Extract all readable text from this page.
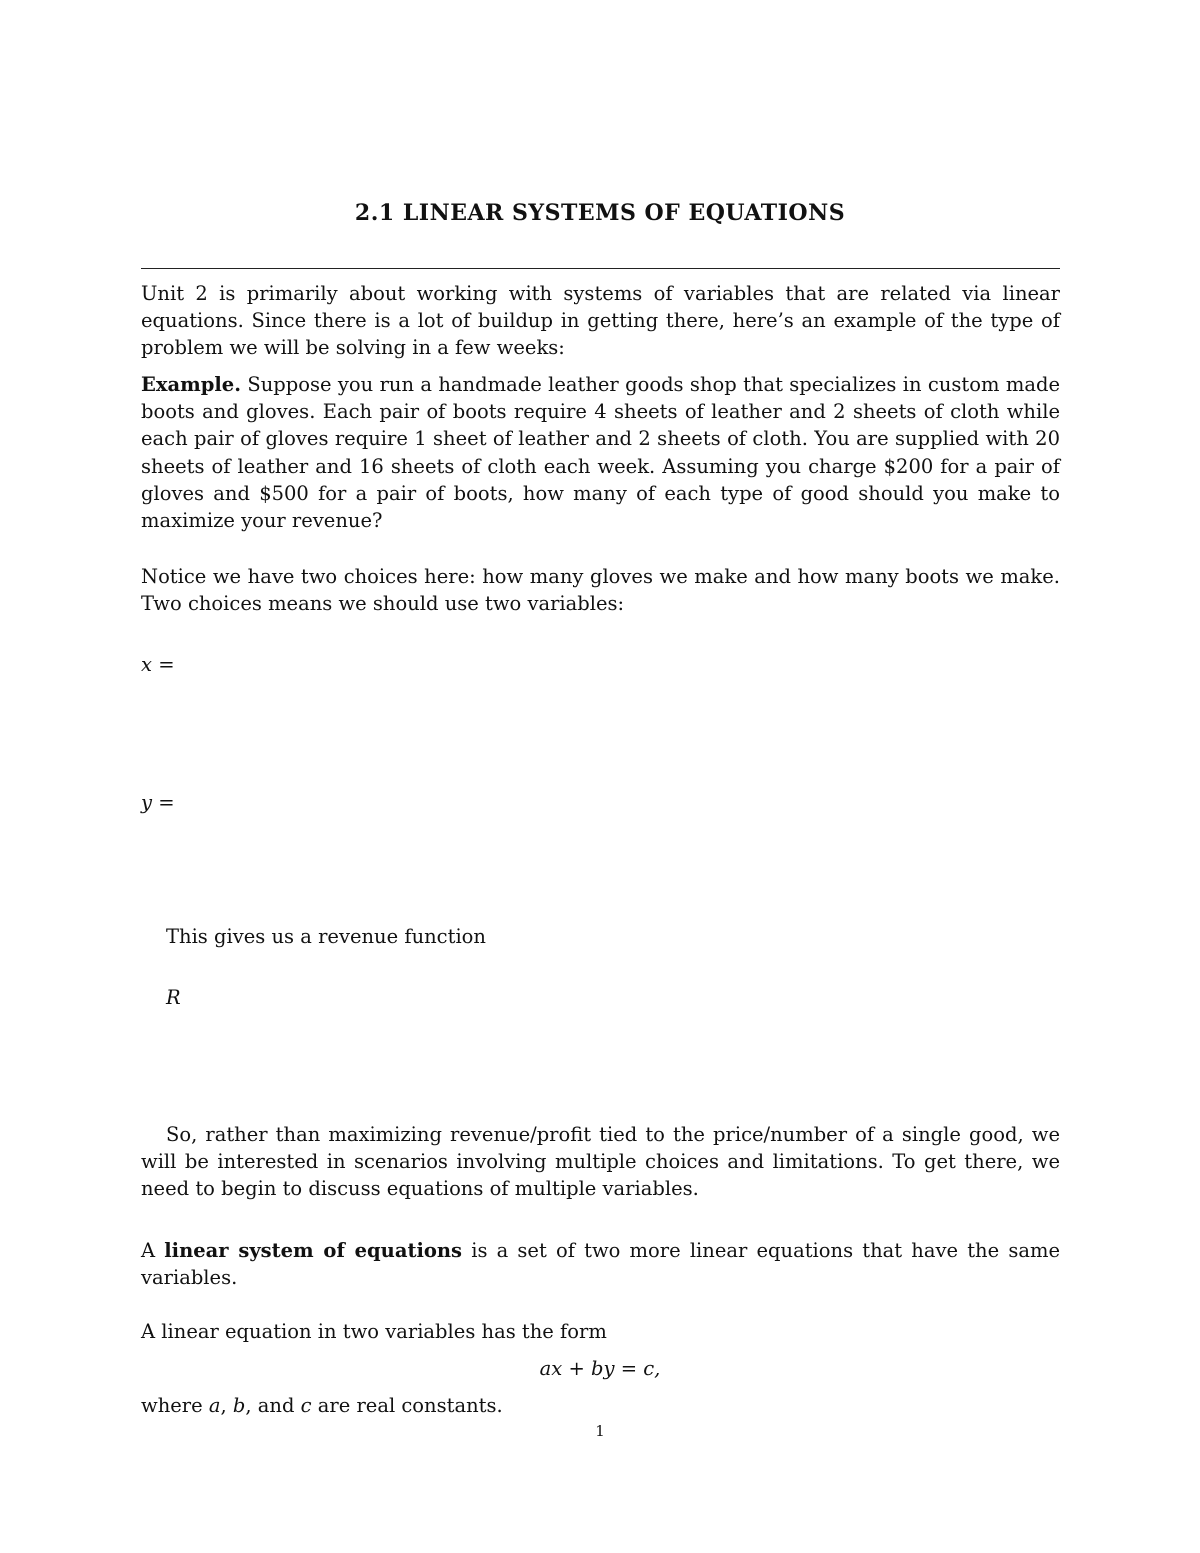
2.1 LINEAR SYSTEMS OF EQUATIONS
Unit 2 is primarily about working with systems of variables that are related via linear equations. Since there is a lot of buildup in getting there, here’s an example of the type of problem we will be solving in a few weeks:
Example. Suppose you run a handmade leather goods shop that specializes in custom made boots and gloves. Each pair of boots require 4 sheets of leather and 2 sheets of cloth while each pair of gloves require 1 sheet of leather and 2 sheets of cloth. You are supplied with 20 sheets of leather and 16 sheets of cloth each week. Assuming you charge $200 for a pair of gloves and $500 for a pair of boots, how many of each type of good should you make to maximize your revenue?
Notice we have two choices here: how many gloves we make and how many boots we make. Two choices means we should use two variables:
x =
y =
This gives us a revenue function
R
So, rather than maximizing revenue/profit tied to the price/number of a single good, we will be interested in scenarios involving multiple choices and limitations. To get there, we need to begin to discuss equations of multiple variables.
A linear system of equations is a set of two more linear equations that have the same variables.
A linear equation in two variables has the form
ax + by = c,
where a, b, and c are real constants.
1
